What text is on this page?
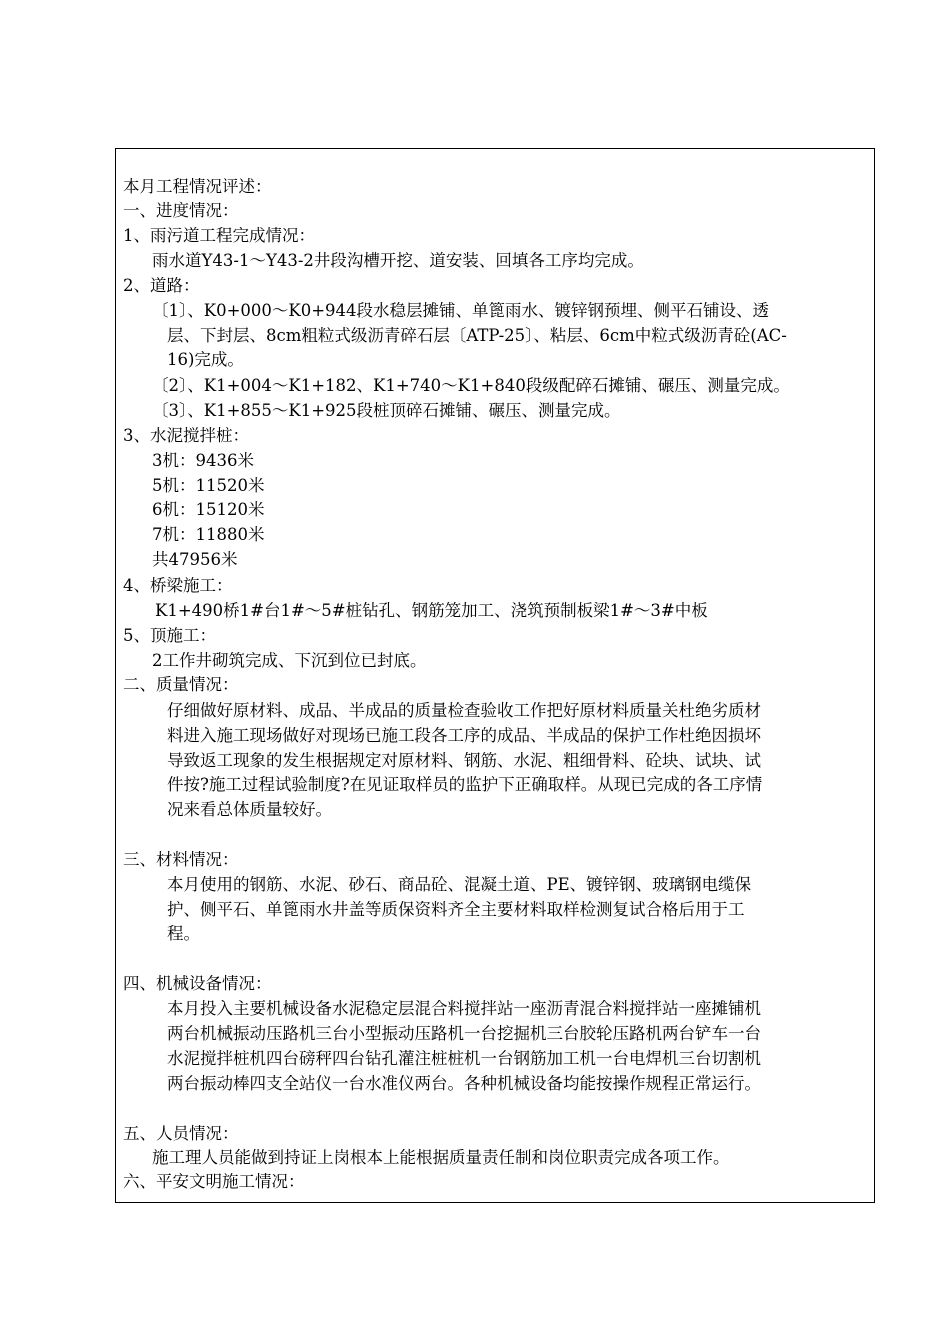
本月工程情况评述：
一、进度情况：
1、雨污道工程完成情况：
雨水道Y43-1～Y43-2井段沟槽开挖、道安装、回填各工序均完成。
2、道路：
〔1〕、K0+000～K0+944段水稳层摊铺、单篦雨水、镀锌钢预埋、侧平石铺设、透
层、下封层、8cm粗粒式级沥青碎石层〔ATP-25〕、粘层、6cm中粒式级沥青砼(AC-
16)完成。
〔2〕、K1+004～K1+182、K1+740～K1+840段级配碎石摊铺、碾压、测量完成。
〔3〕、K1+855～K1+925段桩顶碎石摊铺、碾压、测量完成。
3、水泥搅拌桩：
3机：9436米
5机：11520米
6机：15120米
7机：11880米
共47956米
4、桥梁施工：
K1+490桥1#台1#～5#桩钻孔、钢筋笼加工、浇筑预制板梁1#～3#中板
5、顶施工：
2工作井砌筑完成、下沉到位已封底。
二、质量情况：
仔细做好原材料、成品、半成品的质量检查验收工作把好原材料质量关杜绝劣质材
料进入施工现场做好对现场已施工段各工序的成品、半成品的保护工作杜绝因损坏
导致返工现象的发生根据规定对原材料、钢筋、水泥、粗细骨料、砼块、试块、试
件按?施工过程试验制度?在见证取样员的监护下正确取样。从现已完成的各工序情
况来看总体质量较好。
三、材料情况：
本月使用的钢筋、水泥、砂石、商品砼、混凝土道、PE、镀锌钢、玻璃钢电缆保
护、侧平石、单篦雨水井盖等质保资料齐全主要材料取样检测复试合格后用于工
程。
四、机械设备情况：
本月投入主要机械设备水泥稳定层混合料搅拌站一座沥青混合料搅拌站一座摊铺机
两台机械振动压路机三台小型振动压路机一台挖掘机三台胶轮压路机两台铲车一台
水泥搅拌桩机四台磅秤四台钻孔灌注桩桩机一台钢筋加工机一台电焊机三台切割机
两台振动棒四支全站仪一台水准仪两台。各种机械设备均能按操作规程正常运行。
五、人员情况：
施工理人员能做到持证上岗根本上能根据质量责任制和岗位职责完成各项工作。
六、平安文明施工情况：
